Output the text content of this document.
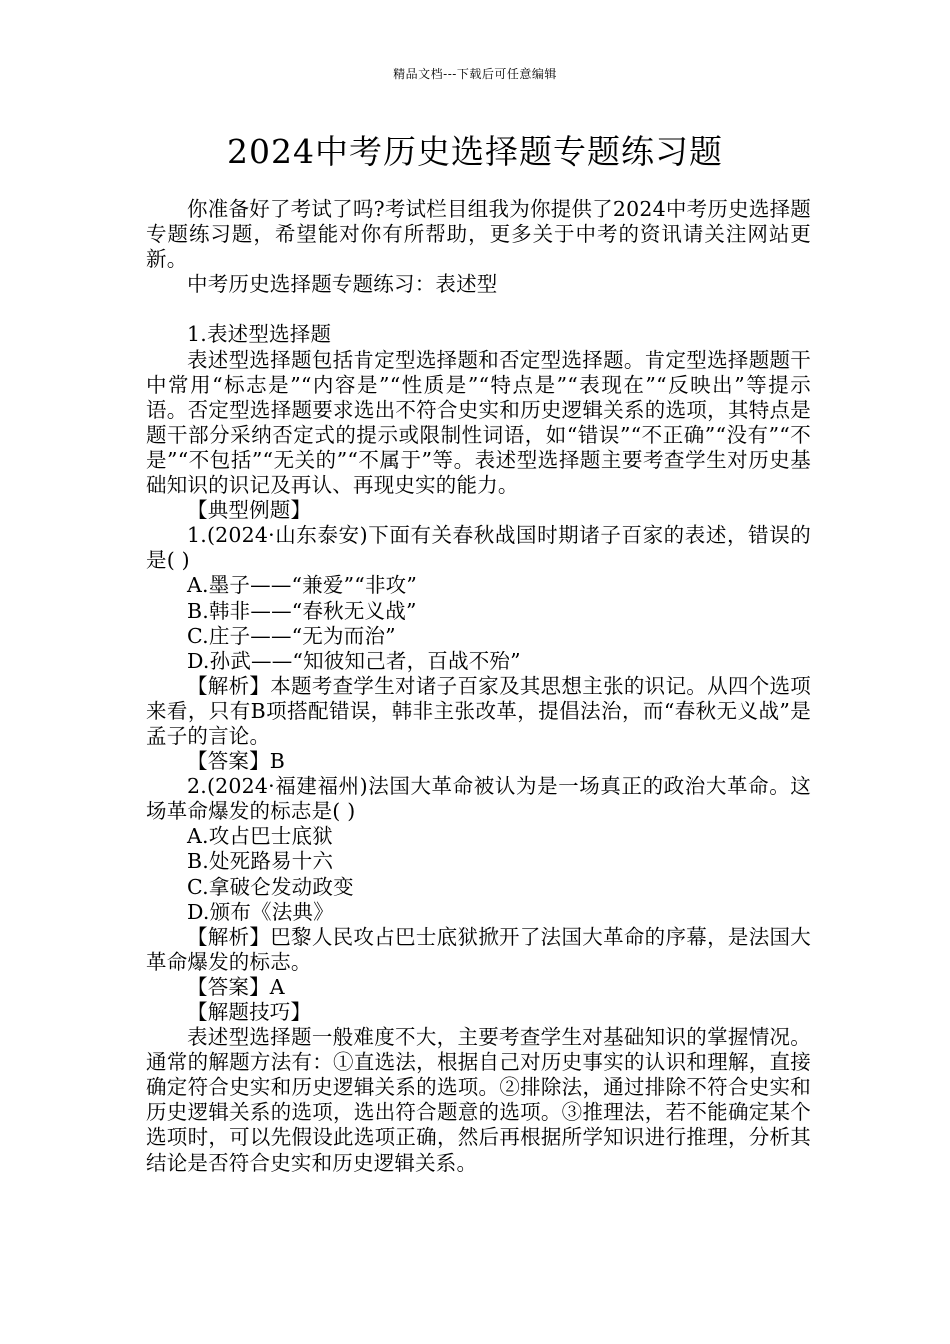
精品文档---下载后可任意编辑
2024中考历史选择题专题练习题

你准备好了考试了吗?考试栏目组我为你提供了2024中考历史选择题专题练习题，希望能对你有所帮助，更多关于中考的资讯请关注网站更新。

中考历史选择题专题练习：表述型

1.表述型选择题

表述型选择题包括肯定型选择题和否定型选择题。肯定型选择题题干中常用“标志是”“内容是”“性质是”“特点是”“表现在”“反映出”等提示语。否定型选择题要求选出不符合史实和历史逻辑关系的选项，其特点是题干部分采纳否定式的提示或限制性词语，如“错误”“不正确”“没有”“不是”“不包括”“无关的”“不属于”等。表述型选择题主要考查学生对历史基础知识的识记及再认、再现史实的能力。

【典型例题】

1.(2024·山东泰安)下面有关春秋战国时期诸子百家的表述，错误的是( )

A.墨子——“兼爱”“非攻”

B.韩非——“春秋无义战”

C.庄子——“无为而治”

D.孙武——“知彼知己者，百战不殆”

【解析】本题考查学生对诸子百家及其思想主张的识记。从四个选项来看，只有B项搭配错误，韩非主张改革，提倡法治，而“春秋无义战”是孟子的言论。

【答案】B

2.(2024·福建福州)法国大革命被认为是一场真正的政治大革命。这场革命爆发的标志是( )

A.攻占巴士底狱

B.处死路易十六

C.拿破仑发动政变

D.颁布《法典》

【解析】巴黎人民攻占巴士底狱掀开了法国大革命的序幕，是法国大革命爆发的标志。

【答案】A

【解题技巧】

表述型选择题一般难度不大，主要考查学生对基础知识的掌握情况。通常的解题方法有：①直选法，根据自己对历史事实的认识和理解，直接确定符合史实和历史逻辑关系的选项。②排除法，通过排除不符合史实和历史逻辑关系的选项，选出符合题意的选项。③推理法，若不能确定某个选项时，可以先假设此选项正确，然后再根据所学知识进行推理，分析其结论是否符合史实和历史逻辑关系。
